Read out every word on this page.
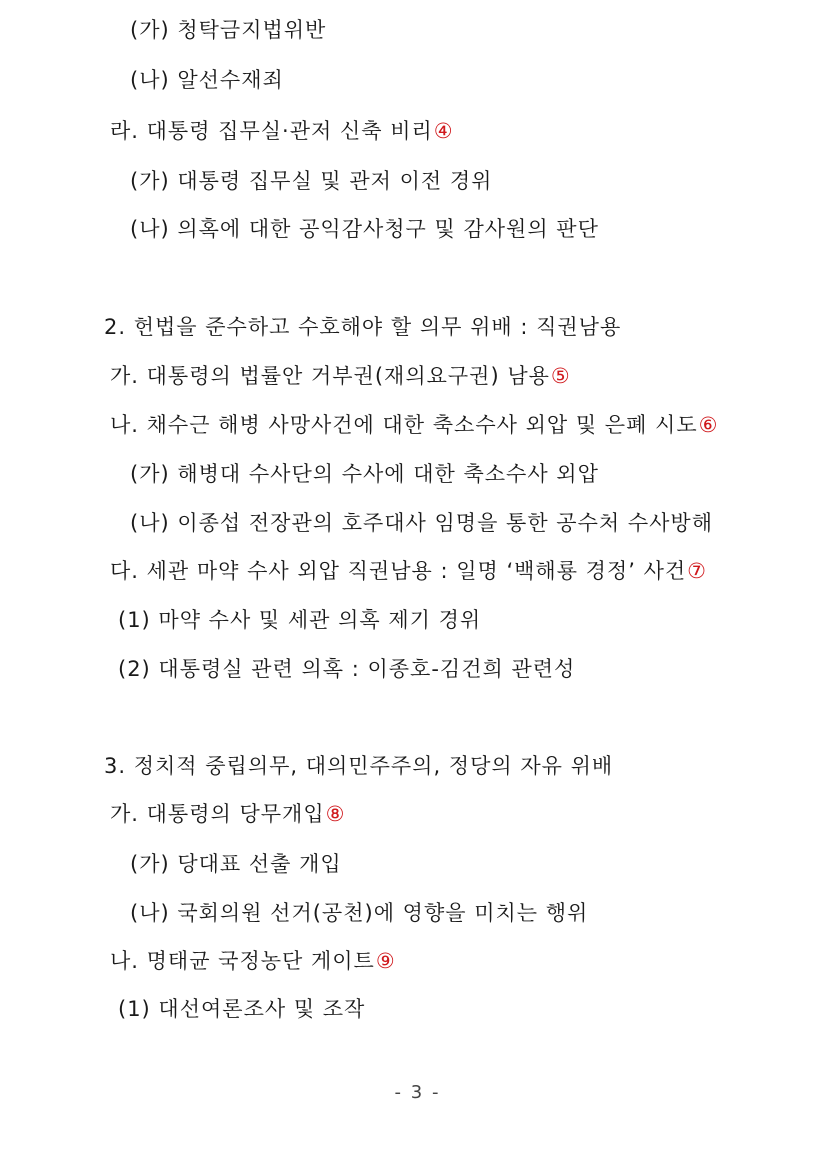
(가) 청탁금지법위반
(나) 알선수재죄
라. 대통령 집무실·관저 신축 비리④
(가) 대통령 집무실 및 관저 이전 경위
(나) 의혹에 대한 공익감사청구 및 감사원의 판단
2. 헌법을 준수하고 수호해야 할 의무 위배 : 직권남용
가. 대통령의 법률안 거부권(재의요구권) 남용⑤
나. 채수근 해병 사망사건에 대한 축소수사 외압 및 은폐 시도⑥
(가) 해병대 수사단의 수사에 대한 축소수사 외압
(나) 이종섭 전장관의 호주대사 임명을 통한 공수처 수사방해
다. 세관 마약 수사 외압 직권남용 : 일명 ‘백해룡 경정’ 사건⑦
(1) 마약 수사 및 세관 의혹 제기 경위
(2) 대통령실 관련 의혹 : 이종호-김건희 관련성
3. 정치적 중립의무, 대의민주주의, 정당의 자유 위배
가. 대통령의 당무개입⑧
(가) 당대표 선출 개입
(나) 국회의원 선거(공천)에 영향을 미치는 행위
나. 명태균 국정농단 게이트⑨
(1) 대선여론조사 및 조작
- 3 -
